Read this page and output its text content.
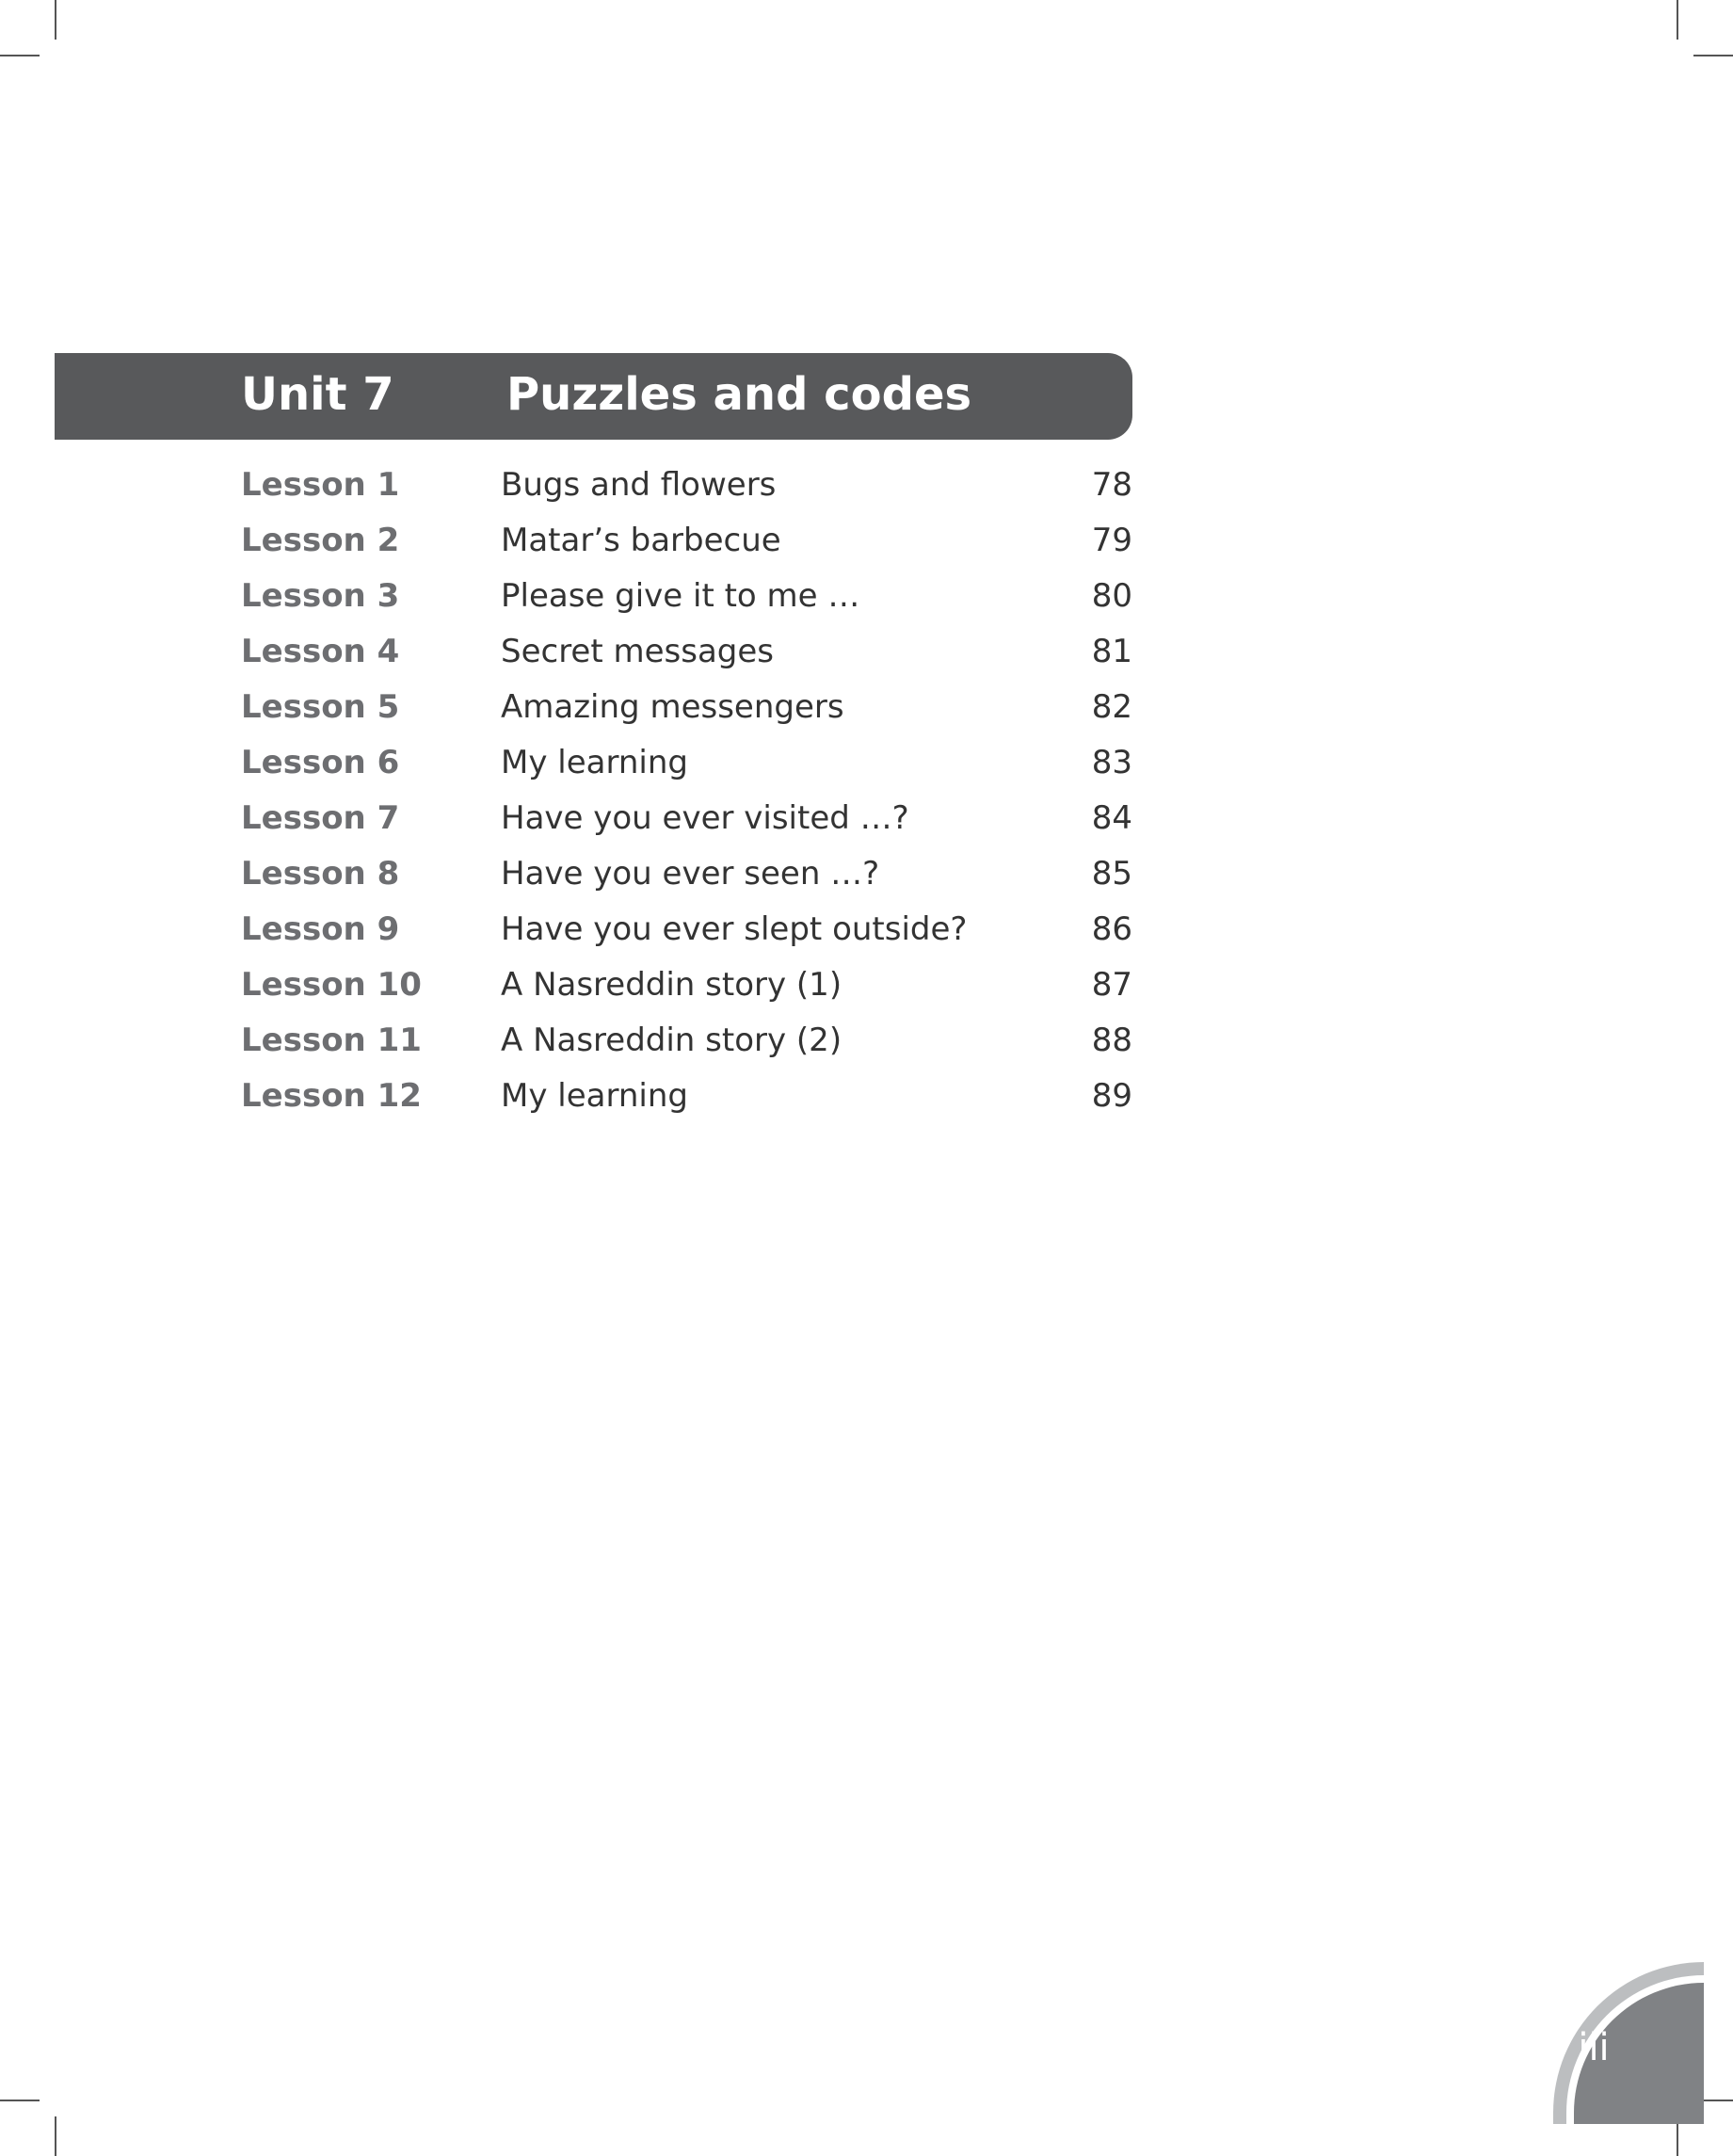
Unit 7 Puzzles and codes
Lesson 1	Bugs and flowers	78
Lesson 2	Matar’s barbecue	79
Lesson 3	Please give it to me …	80
Lesson 4	Secret messages	81
Lesson 5	Amazing messengers	82
Lesson 6	My learning	83
Lesson 7	Have you ever visited …?	84
Lesson 8	Have you ever seen …?	85
Lesson 9	Have you ever slept outside?	86
Lesson 10 A Nasreddin story (1)	87
Lesson 11 A Nasreddin story (2)	88
Lesson 12 My learning	89
iii
